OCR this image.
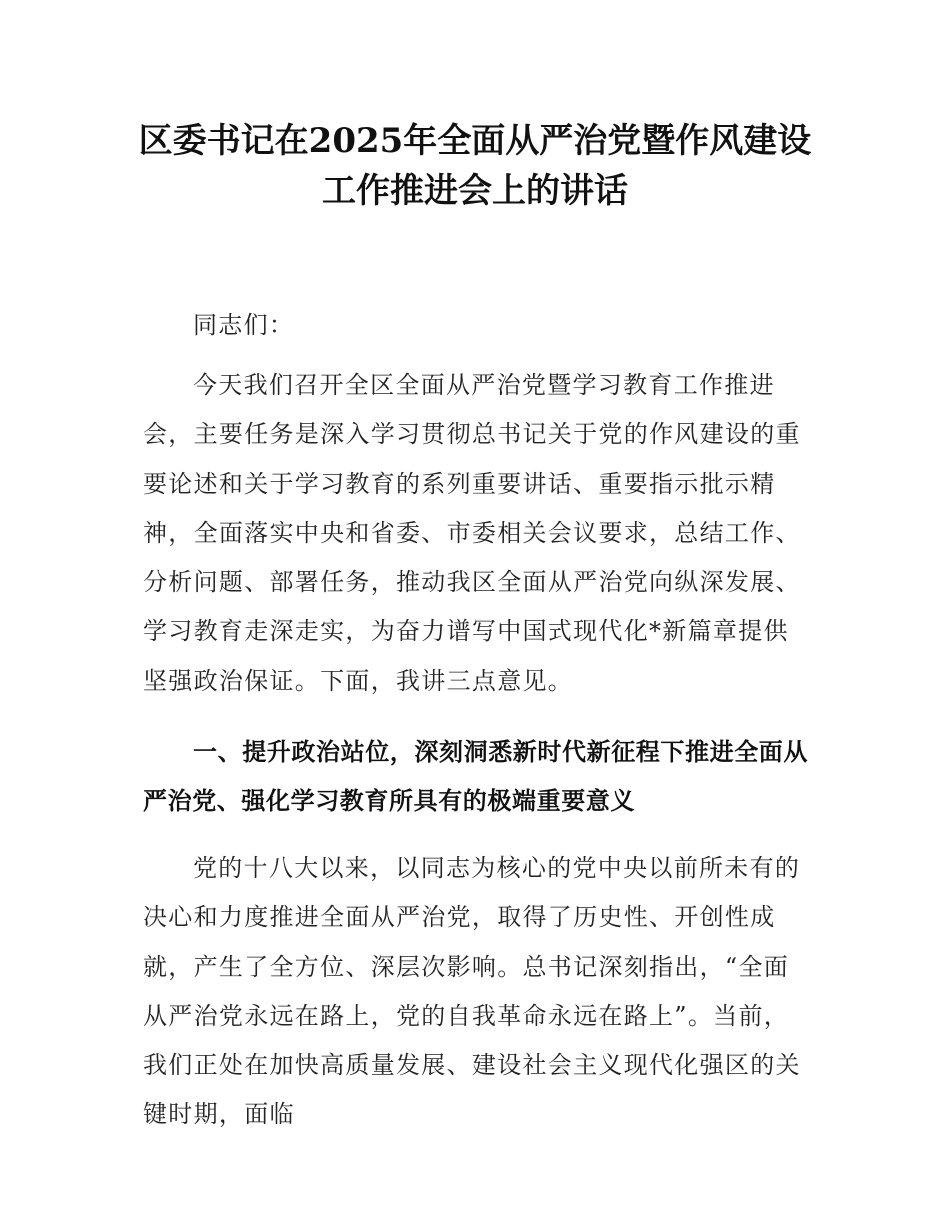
区委书记在2025年全面从严治党暨作风建设
工作推进会上的讲话

同志们：

今天我们召开全区全面从严治党暨学习教育工作推进会，主要任务是深入学习贯彻总书记关于党的作风建设的重要论述和关于学习教育的系列重要讲话、重要指示批示精神，全面落实中央和省委、市委相关会议要求，总结工作、分析问题、部署任务，推动我区全面从严治党向纵深发展、学习教育走深走实，为奋力谱写中国式现代化*新篇章提供坚强政治保证。下面，我讲三点意见。

一、提升政治站位，深刻洞悉新时代新征程下推进全面从严治党、强化学习教育所具有的极端重要意义

党的十八大以来，以同志为核心的党中央以前所未有的决心和力度推进全面从严治党，取得了历史性、开创性成就，产生了全方位、深层次影响。总书记深刻指出，“全面从严治党永远在路上，党的自我革命永远在路上”。当前，我们正处在加快高质量发展、建设社会主义现代化强区的关键时期，面临
